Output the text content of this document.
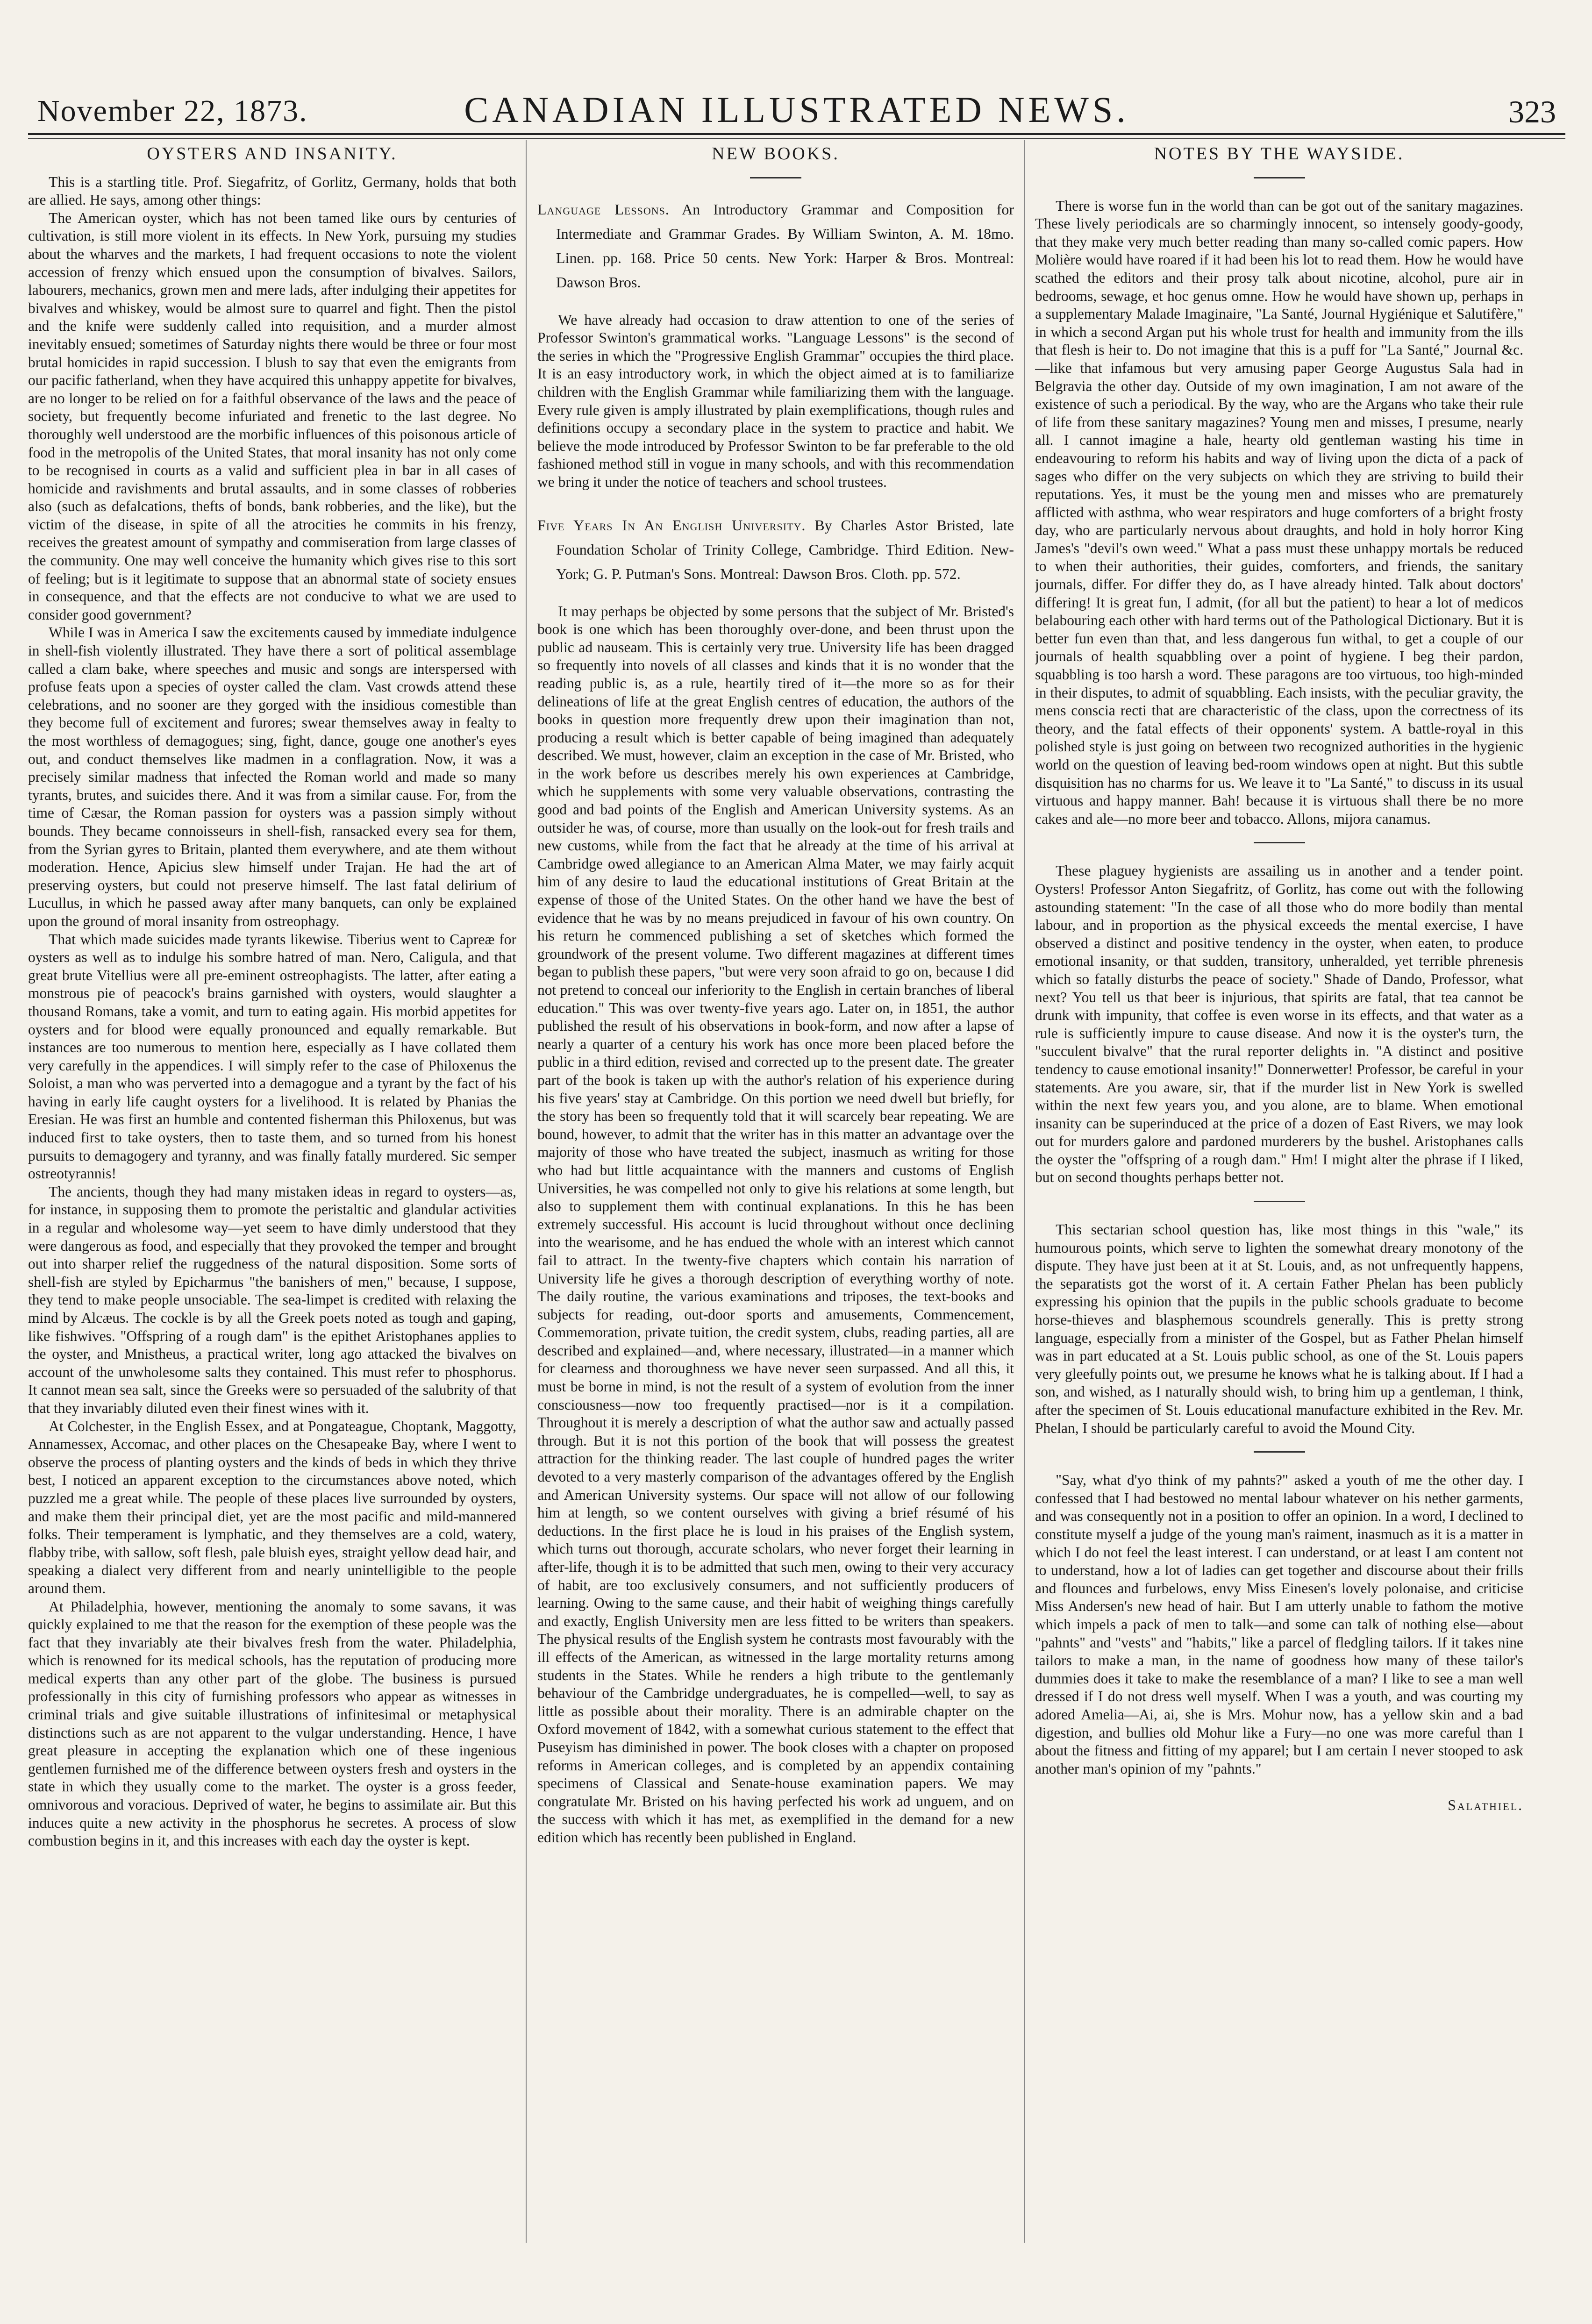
November 22, 1873.	CANADIAN ILLUSTRATED NEWS.	323
OYSTERS AND INSANITY.

This is a startling title. Prof. Siegafritz, of Gorlitz, Germany, holds that both are allied. He says, among other things:

The American oyster, which has not been tamed like ours by centuries of cultivation, is still more violent in its effects. In New York, pursuing my studies about the wharves and the markets, I had frequent occasions to note the violent accession of frenzy which ensued upon the consumption of bivalves. Sailors, labourers, mechanics, grown men and mere lads, after indulging their appetites for bivalves and whiskey, would be almost sure to quarrel and fight. Then the pistol and the knife were suddenly called into requisition, and a murder almost inevitably ensued; sometimes of Saturday nights there would be three or four most brutal homicides in rapid succession. I blush to say that even the emigrants from our pacific fatherland, when they have acquired this unhappy appetite for bivalves, are no longer to be relied on for a faithful observance of the laws and the peace of society, but frequently become infuriated and frenetic to the last degree. No thoroughly well understood are the morbific influences of this poisonous article of food in the metropolis of the United States, that moral insanity has not only come to be recognised in courts as a valid and sufficient plea in bar in all cases of homicide and ravishments and brutal assaults, and in some classes of robberies also (such as defalcations, thefts of bonds, bank robberies, and the like), but the victim of the disease, in spite of all the atrocities he commits in his frenzy, receives the greatest amount of sympathy and commiseration from large classes of the community. One may well conceive the humanity which gives rise to this sort of feeling; but is it legitimate to suppose that an abnormal state of society ensues in consequence, and that the effects are not conducive to what we are used to consider good government?

While I was in America I saw the excitements caused by immediate indulgence in shell-fish violently illustrated. They have there a sort of political assemblage called a clam bake, where speeches and music and songs are interspersed with profuse feats upon a species of oyster called the clam. Vast crowds attend these celebrations, and no sooner are they gorged with the insidious comestible than they become full of excitement and furores; swear themselves away in fealty to the most worthless of demagogues; sing, fight, dance, gouge one another's eyes out, and conduct themselves like madmen in a conflagration. Now, it was a precisely similar madness that infected the Roman world and made so many tyrants, brutes, and suicides there. And it was from a similar cause. For, from the time of Cæsar, the Roman passion for oysters was a passion simply without bounds. They became connoisseurs in shell-fish, ransacked every sea for them, from the Syrian gyres to Britain, planted them everywhere, and ate them without moderation. Hence, Apicius slew himself under Trajan. He had the art of preserving oysters, but could not preserve himself. The last fatal delirium of Lucullus, in which he passed away after many banquets, can only be explained upon the ground of moral insanity from ostreophagy.

That which made suicides made tyrants likewise. Tiberius went to Capreæ for oysters as well as to indulge his sombre hatred of man. Nero, Caligula, and that great brute Vitellius were all pre-eminent ostreophagists. The latter, after eating a monstrous pie of peacock's brains garnished with oysters, would slaughter a thousand Romans, take a vomit, and turn to eating again. His morbid appetites for oysters and for blood were equally pronounced and equally remarkable. But instances are too numerous to mention here, especially as I have collated them very carefully in the appendices. I will simply refer to the case of Philoxenus the Soloist, a man who was perverted into a demagogue and a tyrant by the fact of his having in early life caught oysters for a livelihood. It is related by Phanias the Eresian. He was first an humble and contented fisherman this Philoxenus, but was induced first to take oysters, then to taste them, and so turned from his honest pursuits to demagogery and tyranny, and was finally fatally murdered. Sic semper ostreotyrannis!

The ancients, though they had many mistaken ideas in regard to oysters—as, for instance, in supposing them to promote the peristaltic and glandular activities in a regular and wholesome way—yet seem to have dimly understood that they were dangerous as food, and especially that they provoked the temper and brought out into sharper relief the ruggedness of the natural disposition. Some sorts of shell-fish are styled by Epicharmus "the banishers of men," because, I suppose, they tend to make people unsociable. The sea-limpet is credited with relaxing the mind by Alcæus. The cockle is by all the Greek poets noted as tough and gaping, like fishwives. "Offspring of a rough dam" is the epithet Aristophanes applies to the oyster, and Mnistheus, a practical writer, long ago attacked the bivalves on account of the unwholesome salts they contained. This must refer to phosphorus. It cannot mean sea salt, since the Greeks were so persuaded of the salubrity of that that they invariably diluted even their finest wines with it.

At Colchester, in the English Essex, and at Pongateague, Choptank, Maggotty, Annamessex, Accomac, and other places on the Chesapeake Bay, where I went to observe the process of planting oysters and the kinds of beds in which they thrive best, I noticed an apparent exception to the circumstances above noted, which puzzled me a great while. The people of these places live surrounded by oysters, and make them their principal diet, yet are the most pacific and mild-mannered folks. Their temperament is lymphatic, and they themselves are a cold, watery, flabby tribe, with sallow, soft flesh, pale bluish eyes, straight yellow dead hair, and speaking a dialect very different from and nearly unintelligible to the people around them.

At Philadelphia, however, mentioning the anomaly to some savans, it was quickly explained to me that the reason for the exemption of these people was the fact that they invariably ate their bivalves fresh from the water. Philadelphia, which is renowned for its medical schools, has the reputation of producing more medical experts than any other part of the globe. The business is pursued professionally in this city of furnishing professors who appear as witnesses in criminal trials and give suitable illustrations of infinitesimal or metaphysical distinctions such as are not apparent to the vulgar understanding. Hence, I have great pleasure in accepting the explanation which one of these ingenious gentlemen furnished me of the difference between oysters fresh and oysters in the state in which they usually come to the market. The oyster is a gross feeder, omnivorous and voracious. Deprived of water, he begins to assimilate air. But this induces quite a new activity in the phosphorus he secretes. A process of slow combustion begins in it, and this increases with each day the oyster is kept.

NEW BOOKS.
Language Lessons. An Introductory Grammar and Composition for Intermediate and Grammar Grades. By William Swinton, A. M. 18mo. Linen. pp. 168. Price 50 cents. New York: Harper & Bros. Montreal: Dawson Bros.

We have already had occasion to draw attention to one of the series of Professor Swinton's grammatical works. "Language Lessons" is the second of the series in which the "Progressive English Grammar" occupies the third place. It is an easy introductory work, in which the object aimed at is to familiarize children with the English Grammar while familiarizing them with the language. Every rule given is amply illustrated by plain exemplifications, though rules and definitions occupy a secondary place in the system to practice and habit. We believe the mode introduced by Professor Swinton to be far preferable to the old fashioned method still in vogue in many schools, and with this recommendation we bring it under the notice of teachers and school trustees.

Five Years In An English University. By Charles Astor Bristed, late Foundation Scholar of Trinity College, Cambridge. Third Edition. New-York; G. P. Putman's Sons. Montreal: Dawson Bros. Cloth. pp. 572.

It may perhaps be objected by some persons that the subject of Mr. Bristed's book is one which has been thoroughly over-done, and been thrust upon the public ad nauseam. This is certainly very true. University life has been dragged so frequently into novels of all classes and kinds that it is no wonder that the reading public is, as a rule, heartily tired of it—the more so as for their delineations of life at the great English centres of education, the authors of the books in question more frequently drew upon their imagination than not, producing a result which is better capable of being imagined than adequately described. We must, however, claim an exception in the case of Mr. Bristed, who in the work before us describes merely his own experiences at Cambridge, which he supplements with some very valuable observations, contrasting the good and bad points of the English and American University systems. As an outsider he was, of course, more than usually on the look-out for fresh trails and new customs, while from the fact that he already at the time of his arrival at Cambridge owed allegiance to an American Alma Mater, we may fairly acquit him of any desire to laud the educational institutions of Great Britain at the expense of those of the United States. On the other hand we have the best of evidence that he was by no means prejudiced in favour of his own country. On his return he commenced publishing a set of sketches which formed the groundwork of the present volume. Two different magazines at different times began to publish these papers, "but were very soon afraid to go on, because I did not pretend to conceal our inferiority to the English in certain branches of liberal education." This was over twenty-five years ago. Later on, in 1851, the author published the result of his observations in book-form, and now after a lapse of nearly a quarter of a century his work has once more been placed before the public in a third edition, revised and corrected up to the present date. The greater part of the book is taken up with the author's relation of his experience during his five years' stay at Cambridge. On this portion we need dwell but briefly, for the story has been so frequently told that it will scarcely bear repeating. We are bound, however, to admit that the writer has in this matter an advantage over the majority of those who have treated the subject, inasmuch as writing for those who had but little acquaintance with the manners and customs of English Universities, he was compelled not only to give his relations at some length, but also to supplement them with continual explanations. In this he has been extremely successful. His account is lucid throughout without once declining into the wearisome, and he has endued the whole with an interest which cannot fail to attract. In the twenty-five chapters which contain his narration of University life he gives a thorough description of everything worthy of note. The daily routine, the various examinations and triposes, the text-books and subjects for reading, out-door sports and amusements, Commencement, Commemoration, private tuition, the credit system, clubs, reading parties, all are described and explained—and, where necessary, illustrated—in a manner which for clearness and thoroughness we have never seen surpassed. And all this, it must be borne in mind, is not the result of a system of evolution from the inner consciousness—now too frequently practised—nor is it a compilation. Throughout it is merely a description of what the author saw and actually passed through. But it is not this portion of the book that will possess the greatest attraction for the thinking reader. The last couple of hundred pages the writer devoted to a very masterly comparison of the advantages offered by the English and American University systems. Our space will not allow of our following him at length, so we content ourselves with giving a brief résumé of his deductions. In the first place he is loud in his praises of the English system, which turns out thorough, accurate scholars, who never forget their learning in after-life, though it is to be admitted that such men, owing to their very accuracy of habit, are too exclusively consumers, and not sufficiently producers of learning. Owing to the same cause, and their habit of weighing things carefully and exactly, English University men are less fitted to be writers than speakers. The physical results of the English system he contrasts most favourably with the ill effects of the American, as witnessed in the large mortality returns among students in the States. While he renders a high tribute to the gentlemanly behaviour of the Cambridge undergraduates, he is compelled—well, to say as little as possible about their morality. There is an admirable chapter on the Oxford movement of 1842, with a somewhat curious statement to the effect that Puseyism has diminished in power. The book closes with a chapter on proposed reforms in American colleges, and is completed by an appendix containing specimens of Classical and Senate-house examination papers. We may congratulate Mr. Bristed on his having perfected his work ad unguem, and on the success with which it has met, as exemplified in the demand for a new edition which has recently been published in England.

NOTES BY THE WAYSIDE.

There is worse fun in the world than can be got out of the sanitary magazines. These lively periodicals are so charmingly innocent, so intensely goody-goody, that they make very much better reading than many so-called comic papers. How Molière would have roared if it had been his lot to read them. How he would have scathed the editors and their prosy talk about nicotine, alcohol, pure air in bedrooms, sewage, et hoc genus omne. How he would have shown up, perhaps in a supplementary Malade Imaginaire, "La Santé, Journal Hygiénique et Salutifère," in which a second Argan put his whole trust for health and immunity from the ills that flesh is heir to. Do not imagine that this is a puff for "La Santé," Journal &c.—like that infamous but very amusing paper George Augustus Sala had in Belgravia the other day. Outside of my own imagination, I am not aware of the existence of such a periodical. By the way, who are the Argans who take their rule of life from these sanitary magazines? Young men and misses, I presume, nearly all. I cannot imagine a hale, hearty old gentleman wasting his time in endeavouring to reform his habits and way of living upon the dicta of a pack of sages who differ on the very subjects on which they are striving to build their reputations. Yes, it must be the young men and misses who are prematurely afflicted with asthma, who wear respirators and huge comforters of a bright frosty day, who are particularly nervous about draughts, and hold in holy horror King James's "devil's own weed." What a pass must these unhappy mortals be reduced to when their authorities, their guides, comforters, and friends, the sanitary journals, differ. For differ they do, as I have already hinted. Talk about doctors' differing! It is great fun, I admit, (for all but the patient) to hear a lot of medicos belabouring each other with hard terms out of the Pathological Dictionary. But it is better fun even than that, and less dangerous fun withal, to get a couple of our journals of health squabbling over a point of hygiene. I beg their pardon, squabbling is too harsh a word. These paragons are too virtuous, too high-minded in their disputes, to admit of squabbling. Each insists, with the peculiar gravity, the mens conscia recti that are characteristic of the class, upon the correctness of its theory, and the fatal effects of their opponents' system. A battle-royal in this polished style is just going on between two recognized authorities in the hygienic world on the question of leaving bed-room windows open at night. But this subtle disquisition has no charms for us. We leave it to "La Santé," to discuss in its usual virtuous and happy manner. Bah! because it is virtuous shall there be no more cakes and ale—no more beer and tobacco. Allons, mijora canamus.

These plaguey hygienists are assailing us in another and a tender point. Oysters! Professor Anton Siegafritz, of Gorlitz, has come out with the following astounding statement: "In the case of all those who do more bodily than mental labour, and in proportion as the physical exceeds the mental exercise, I have observed a distinct and positive tendency in the oyster, when eaten, to produce emotional insanity, or that sudden, transitory, unheralded, yet terrible phrenesis which so fatally disturbs the peace of society." Shade of Dando, Professor, what next? You tell us that beer is injurious, that spirits are fatal, that tea cannot be drunk with impunity, that coffee is even worse in its effects, and that water as a rule is sufficiently impure to cause disease. And now it is the oyster's turn, the "succulent bivalve" that the rural reporter delights in. "A distinct and positive tendency to cause emotional insanity!" Donnerwetter! Professor, be careful in your statements. Are you aware, sir, that if the murder list in New York is swelled within the next few years you, and you alone, are to blame. When emotional insanity can be superinduced at the price of a dozen of East Rivers, we may look out for murders galore and pardoned murderers by the bushel. Aristophanes calls the oyster the "offspring of a rough dam." Hm! I might alter the phrase if I liked, but on second thoughts perhaps better not.

This sectarian school question has, like most things in this "wale," its humourous points, which serve to lighten the somewhat dreary monotony of the dispute. They have just been at it at St. Louis, and, as not unfrequently happens, the separatists got the worst of it. A certain Father Phelan has been publicly expressing his opinion that the pupils in the public schools graduate to become horse-thieves and blasphemous scoundrels generally. This is pretty strong language, especially from a minister of the Gospel, but as Father Phelan himself was in part educated at a St. Louis public school, as one of the St. Louis papers very gleefully points out, we presume he knows what he is talking about. If I had a son, and wished, as I naturally should wish, to bring him up a gentleman, I think, after the specimen of St. Louis educational manufacture exhibited in the Rev. Mr. Phelan, I should be particularly careful to avoid the Mound City.

"Say, what d'yo think of my pahnts?" asked a youth of me the other day. I confessed that I had bestowed no mental labour whatever on his nether garments, and was consequently not in a position to offer an opinion. In a word, I declined to constitute myself a judge of the young man's raiment, inasmuch as it is a matter in which I do not feel the least interest. I can understand, or at least I am content not to understand, how a lot of ladies can get together and discourse about their frills and flounces and furbelows, envy Miss Einesen's lovely polonaise, and criticise Miss Andersen's new head of hair. But I am utterly unable to fathom the motive which impels a pack of men to talk—and some can talk of nothing else—about "pahnts" and "vests" and "habits," like a parcel of fledgling tailors. If it takes nine tailors to make a man, in the name of goodness how many of these tailor's dummies does it take to make the resemblance of a man? I like to see a man well dressed if I do not dress well myself. When I was a youth, and was courting my adored Amelia—Ai, ai, she is Mrs. Mohur now, has a yellow skin and a bad digestion, and bullies old Mohur like a Fury—no one was more careful than I about the fitness and fitting of my apparel; but I am certain I never stooped to ask another man's opinion of my "pahnts."

Salathiel.
